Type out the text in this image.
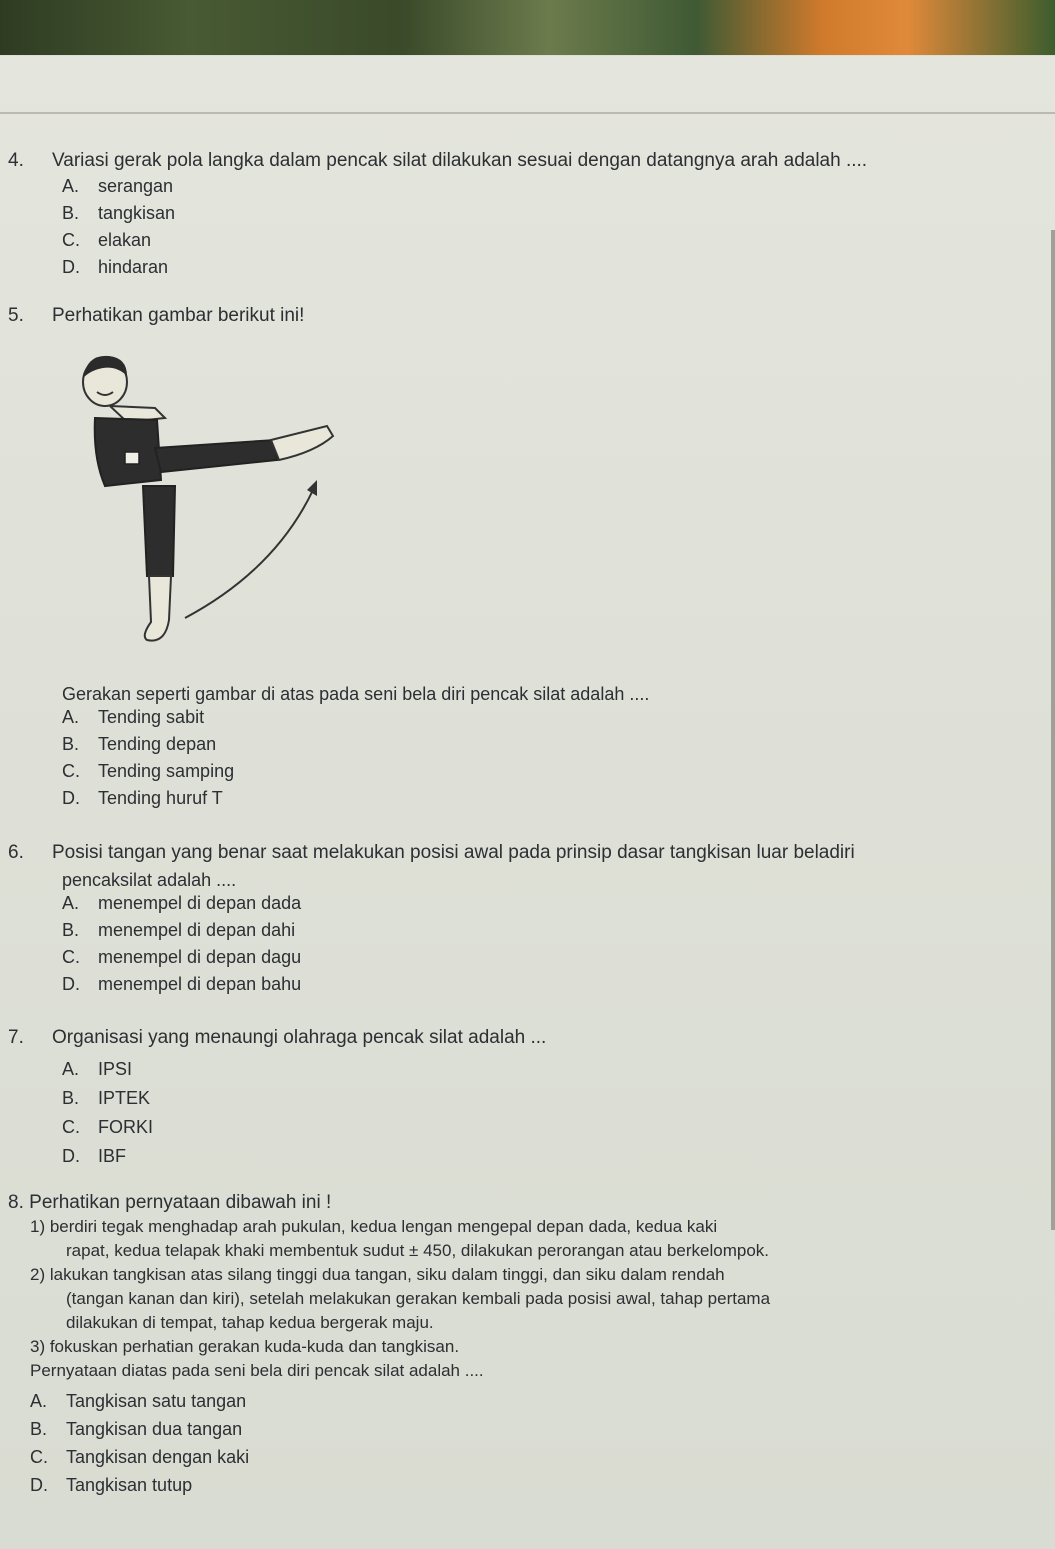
4. Variasi gerak pola langka dalam pencak silat dilakukan sesuai dengan datangnya arah adalah ....
A. serangan
B. tangkisan
C. elakan
D. hindaran
5. Perhatikan gambar berikut ini!
Gerakan seperti gambar di atas pada seni bela diri pencak silat adalah ....
A. Tending sabit
B. Tending depan
C. Tending samping
D. Tending huruf T
6. Posisi tangan yang benar saat melakukan posisi awal pada prinsip dasar tangkisan luar beladiri
pencaksilat adalah ....
A. menempel di depan dada
B. menempel di depan dahi
C. menempel di depan dagu
D. menempel di depan bahu
7. Organisasi yang menaungi olahraga pencak silat adalah ...
A. IPSI
B. IPTEK
C. FORKI
D. IBF
8. Perhatikan pernyataan dibawah ini !
1) berdiri tegak menghadap arah pukulan, kedua lengan mengepal depan dada, kedua kaki
rapat, kedua telapak khaki membentuk sudut ± 450, dilakukan perorangan atau berkelompok.
2) lakukan tangkisan atas silang tinggi dua tangan, siku dalam tinggi, dan siku dalam rendah
(tangan kanan dan kiri), setelah melakukan gerakan kembali pada posisi awal, tahap pertama
dilakukan di tempat, tahap kedua bergerak maju.
3) fokuskan perhatian gerakan kuda-kuda dan tangkisan.
Pernyataan diatas pada seni bela diri pencak silat adalah ....
A. Tangkisan satu tangan
B. Tangkisan dua tangan
C. Tangkisan dengan kaki
D. Tangkisan tutup
